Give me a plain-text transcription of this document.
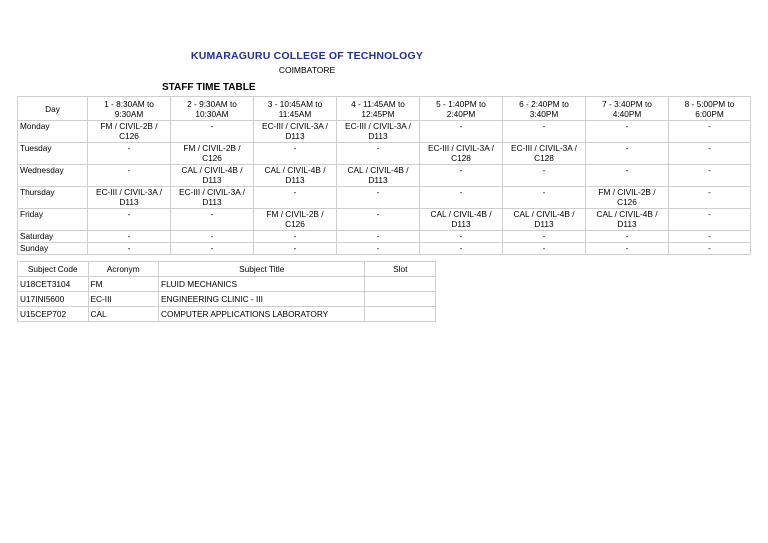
KUMARAGURU COLLEGE OF TECHNOLOGY
COIMBATORE
STAFF TIME TABLE
Day	1 - 8:30AM to 9:30AM	2 - 9:30AM to 10:30AM	3 - 10:45AM to 11:45AM	4 - 11:45AM to 12:45PM	5 - 1:40PM to 2:40PM	6 - 2:40PM to 3:40PM	7 - 3:40PM to 4:40PM	8 - 5:00PM to 6:00PM
Monday	FM / CIVIL-2B / C126	-	EC-III / CIVIL-3A / D113	EC-III / CIVIL-3A / D113	-	-	-	-
Tuesday	-	FM / CIVIL-2B / C126	-	-	EC-III / CIVIL-3A / C128	EC-III / CIVIL-3A / C128	-	-
Wednesday	-	CAL / CIVIL-4B / D113	CAL / CIVIL-4B / D113	CAL / CIVIL-4B / D113	-	-	-	-
Thursday	EC-III / CIVIL-3A / D113	EC-III / CIVIL-3A / D113	-	-	-	-	FM / CIVIL-2B / C126	-
Friday	-	-	FM / CIVIL-2B / C126	-	CAL / CIVIL-4B / D113	CAL / CIVIL-4B / D113	CAL / CIVIL-4B / D113	-
Saturday	-	-	-	-	-	-	-	-
Sunday	-	-	-	-	-	-	-	-
Subject Code	Acronym	Subject Title	Slot
U18CET3104	FM	FLUID MECHANICS	
U17INI5600	EC-III	ENGINEERING CLINIC - III	
U15CEP702	CAL	COMPUTER APPLICATIONS LABORATORY	
